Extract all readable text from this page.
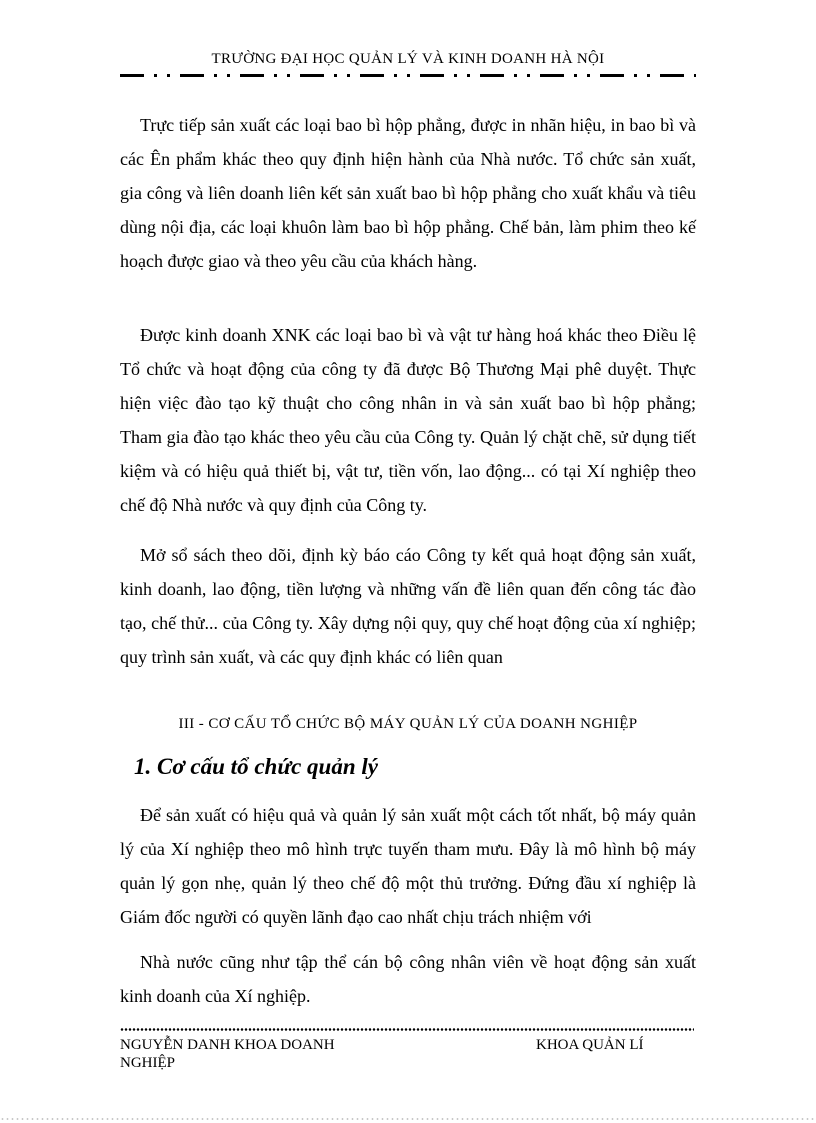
TRƯỜNG ĐẠI HỌC QUẢN LÝ VÀ KINH DOANH HÀ NỘI

Trực tiếp sản xuất các loại bao bì hộp phẳng, được in nhãn hiệu, in bao bì và các Ên phẩm khác theo quy định hiện hành của Nhà nước. Tổ chức sản xuất, gia công và liên doanh liên kết sản xuất bao bì hộp phẳng cho xuất khẩu và tiêu dùng nội địa, các loại khuôn làm bao bì hộp phẳng. Chế bản, làm phim theo kế hoạch được giao và theo yêu cầu của khách hàng.

Được kinh doanh XNK các loại bao bì và vật tư hàng hoá khác theo Điều lệ Tổ chức và hoạt động của công ty đã được Bộ Thương Mại phê duyệt. Thực hiện việc đào tạo kỹ thuật cho công nhân in và sản xuất bao bì hộp phẳng; Tham gia đào tạo khác theo yêu cầu của Công ty. Quản lý chặt chẽ, sử dụng tiết kiệm và có hiệu quả thiết bị, vật tư, tiền vốn, lao động... có tại Xí nghiệp theo chế độ Nhà nước và quy định của Công ty.

Mở sổ sách theo dõi, định kỳ báo cáo Công ty kết quả hoạt động sản xuất, kinh doanh, lao động, tiền lượng và những vấn đề liên quan đến công tác đào tạo, chế thử... của Công ty. Xây dựng nội quy, quy chế hoạt động của xí nghiệp; quy trình sản xuất, và các quy định khác có liên quan

III - CƠ CẤU TỔ CHỨC BỘ MÁY QUẢN LÝ CỦA DOANH NGHIỆP
1. Cơ cấu tổ chức quản lý

Để sản xuất có hiệu quả và quản lý sản xuất một cách tốt nhất, bộ máy quản lý của Xí nghiệp theo mô hình trực tuyến tham mưu. Đây là mô hình bộ máy quản lý gọn nhẹ, quản lý theo chế độ một thủ trưởng. Đứng đầu xí nghiệp là Giám đốc người có quyền lãnh đạo cao nhất chịu trách nhiệm với

Nhà nước cũng như tập thể cán bộ công nhân viên về hoạt động sản xuất kinh doanh của Xí nghiệp.

NGUYỄN DANH KHOA DOANH NGHIỆP
KHOA QUẢN LÍ
